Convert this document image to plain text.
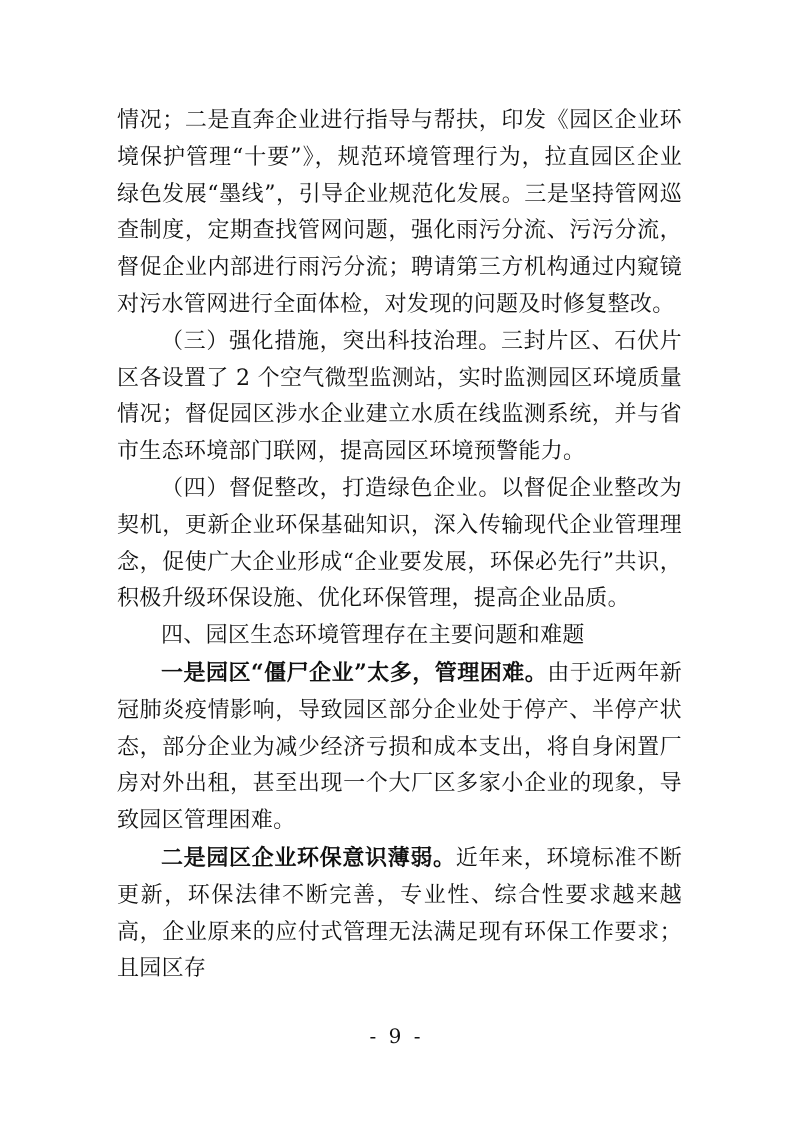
情况；二是直奔企业进行指导与帮扶，印发《园区企业环境保护管理“十要”》，规范环境管理行为，拉直园区企业绿色发展“墨线”，引导企业规范化发展。三是坚持管网巡查制度，定期查找管网问题，强化雨污分流、污污分流，督促企业内部进行雨污分流；聘请第三方机构通过内窥镜对污水管网进行全面体检，对发现的问题及时修复整改。

（三）强化措施，突出科技治理。三封片区、石伏片区各设置了 2 个空气微型监测站，实时监测园区环境质量情况；督促园区涉水企业建立水质在线监测系统，并与省市生态环境部门联网，提高园区环境预警能力。

（四）督促整改，打造绿色企业。以督促企业整改为契机，更新企业环保基础知识，深入传输现代企业管理理念，促使广大企业形成“企业要发展，环保必先行”共识，积极升级环保设施、优化环保管理，提高企业品质。

四、园区生态环境管理存在主要问题和难题

一是园区“僵尸企业”太多，管理困难。由于近两年新冠肺炎疫情影响，导致园区部分企业处于停产、半停产状态，部分企业为减少经济亏损和成本支出，将自身闲置厂房对外出租，甚至出现一个大厂区多家小企业的现象，导致园区管理困难。

二是园区企业环保意识薄弱。近年来，环境标准不断更新，环保法律不断完善，专业性、综合性要求越来越高，企业原来的应付式管理无法满足现有环保工作要求；且园区存

- 9 -
